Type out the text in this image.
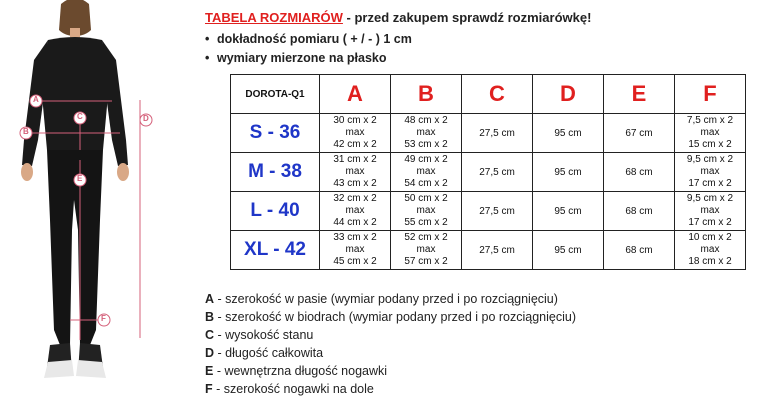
A
B
C	D
E
F
TABELA ROZMIARÓW - przed zakupem sprawdź rozmiarówkę!
• dokładność pomiaru ( + / - ) 1 cm
• wymiary mierzone na płasko
DOROTA-Q1	A	B	C	D	E	F
S - 36	30 cm x 2
max
42 cm x 2	48 cm x 2
max
53 cm x 2	27,5 cm	95 cm	67 cm	7,5 cm x 2
max
15 cm x 2

M - 38	31 cm x 2
max
43 cm x 2	49 cm x 2
max
54 cm x 2	27,5 cm	95 cm	68 cm	9,5 cm x 2
max
17 cm x 2

L - 40	32 cm x 2
max
44 cm x 2	50 cm x 2
max
55 cm x 2	27,5 cm	95 cm	68 cm	9,5 cm x 2
max
17 cm x 2

XL - 42	33 cm x 2
max
45 cm x 2	52 cm x 2
max
57 cm x 2	27,5 cm	95 cm	68 cm	10 cm x 2
max
18 cm x 2
A - szerokość w pasie (wymiar podany przed i po rozciągnięciu)
B - szerokość w biodrach (wymiar podany przed i po rozciągnięciu)
C - wysokość stanu
D - długość całkowita
E - wewnętrzna długość nogawki
F - szerokość nogawki na dole
